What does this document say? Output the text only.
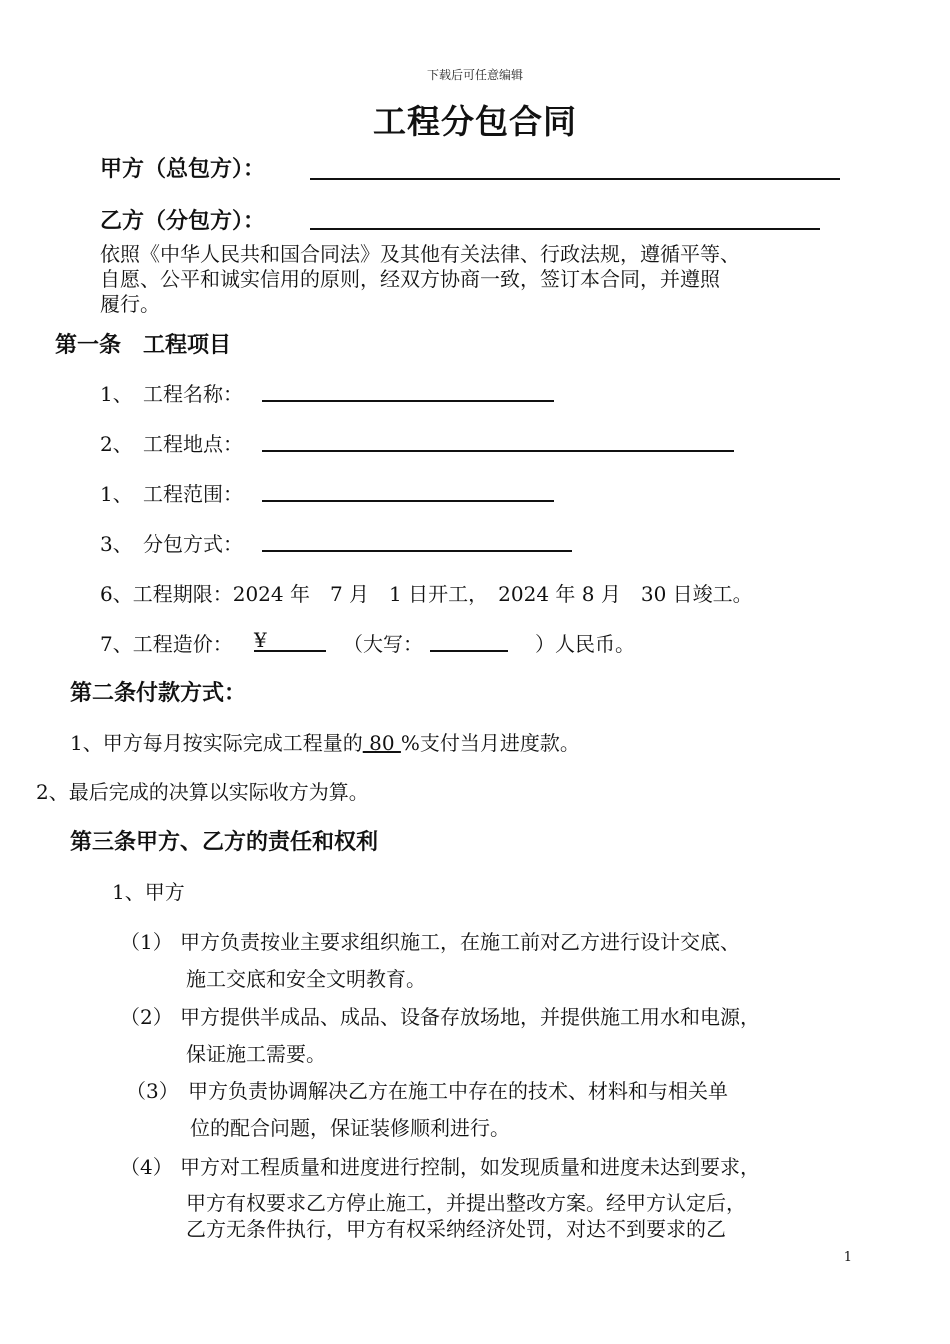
下载后可任意编辑
工程分包合同
甲方（总包方）：
乙方（分包方）：
依照《中华人民共和国合同法》及其他有关法律、行政法规，遵循平等、
自愿、公平和诚实信用的原则，经双方协商一致，签订本合同，并遵照
履行。
第一条　工程项目
1、 工程名称：
2、 工程地点：
1、 工程范围：
3、 分包方式：
6、工程期限：2024 年　7 月　1 日开工，　2024 年 8 月　30 日竣工。
7、工程造价： ¥	（大写：	）人民币。
第二条付款方式：
1、甲方每月按实际完成工程量的 80 %支付当月进度款。
2、最后完成的决算以实际收方为算。
第三条甲方、乙方的责任和权利
1、甲方
（1） 甲方负责按业主要求组织施工，在施工前对乙方进行设计交底、
施工交底和安全文明教育。
（2） 甲方提供半成品、成品、设备存放场地，并提供施工用水和电源，
保证施工需要。
（3） 甲方负责协调解决乙方在施工中存在的技术、材料和与相关单
位的配合问题，保证装修顺利进行。
（4） 甲方对工程质量和进度进行控制，如发现质量和进度未达到要求，
甲方有权要求乙方停止施工，并提出整改方案。经甲方认定后，
乙方无条件执行，甲方有权采纳经济处罚，对达不到要求的乙
1
